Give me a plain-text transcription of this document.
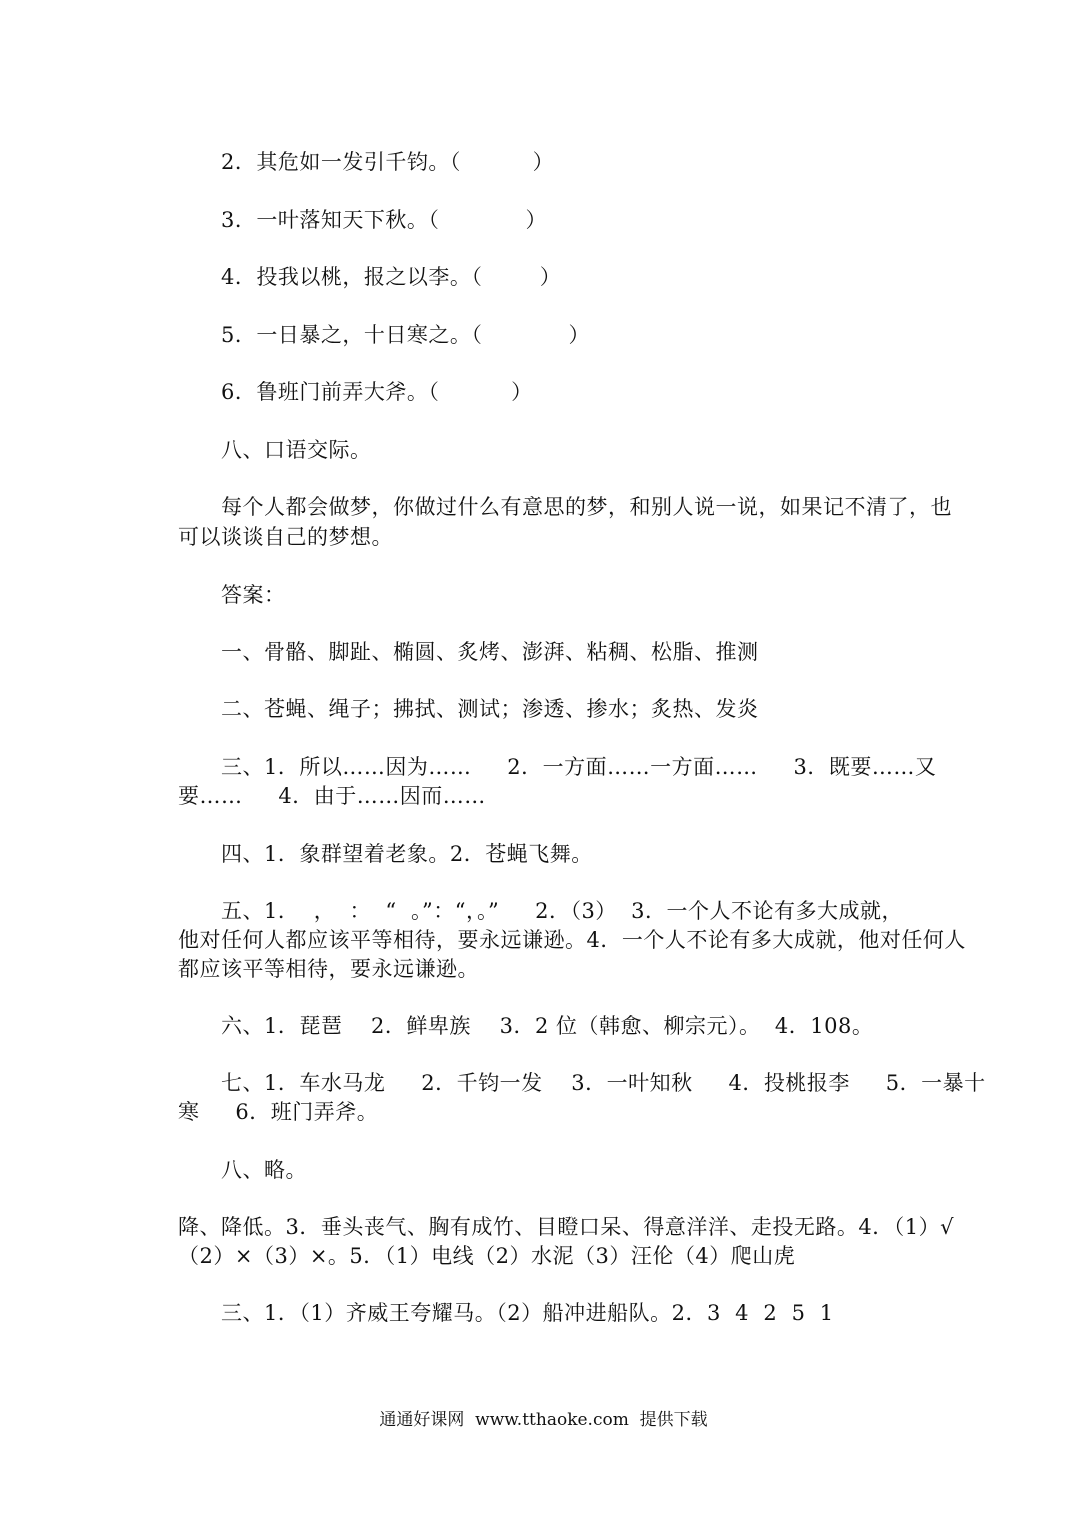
2．其危如一发引千钧。（          ）
3．一叶落知天下秋。（            ）
4．投我以桃，报之以李。（        ）
5．一日暴之，十日寒之。（            ）
6．鲁班门前弄大斧。（          ）
八、口语交际。
每个人都会做梦，你做过什么有意思的梦，和别人说一说，如果记不清了，也
可以谈谈自己的梦想。
答案：
一、骨骼、脚趾、椭圆、炙烤、澎湃、粘稠、松脂、推测
二、苍蝇、绳子；拂拭、测试；渗透、掺水；炙热、发炎
三、1．所以……因为……     2．一方面……一方面……     3．既要……又
要……     4．由于……因而……
四、1．象群望着老象。2．苍蝇飞舞。
五、1．  ，  ：  “  。”：“，。”     2．（3）  3．一个人不论有多大成就，
他对任何人都应该平等相待，要永远谦逊。4．一个人不论有多大成就，他对任何人
都应该平等相待，要永远谦逊。
六、1．琵琶    2．鲜卑族    3．2 位（韩愈、柳宗元）。  4．108。
七、1．车水马龙     2．千钧一发    3．一叶知秋     4．投桃报李     5．一暴十
寒     6．班门弄斧。
八、略。
降、降低。3．垂头丧气、胸有成竹、目瞪口呆、得意洋洋、走投无路。4．（1）√
（2）×（3）×。5．（1）电线（2）水泥（3）汪伦（4）爬山虎
三、1．（1）齐威王夸耀马。（2）船冲进船队。2．3  4  2  5  1
通通好课网  www.tthaoke.com  提供下载
